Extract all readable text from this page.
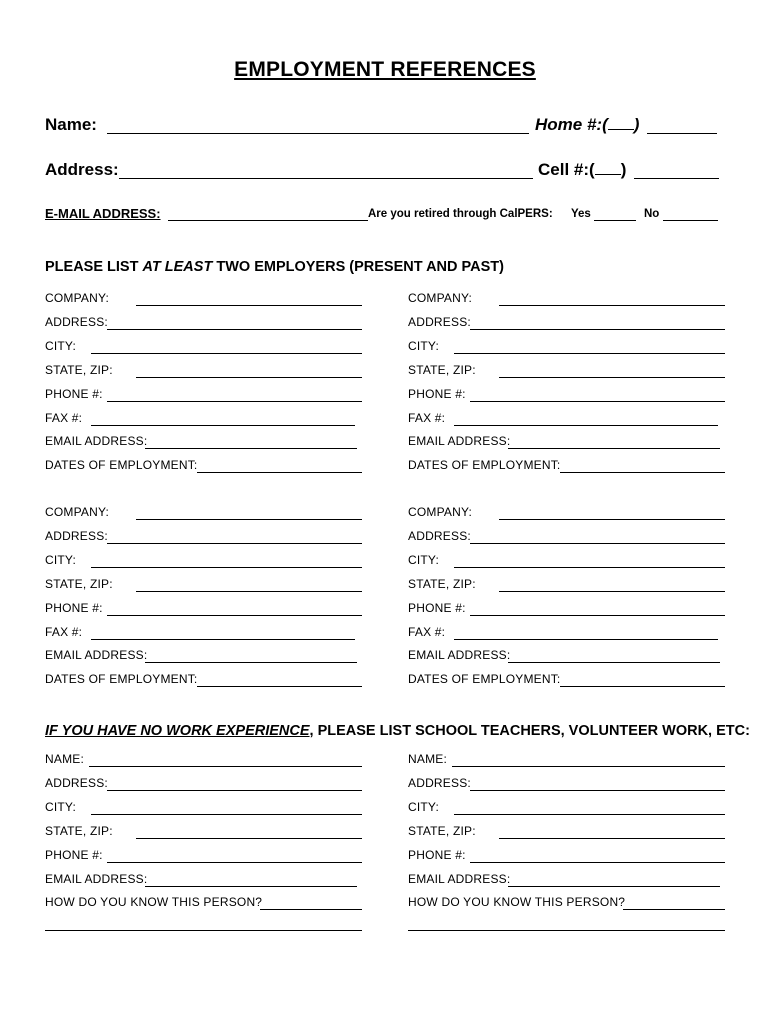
EMPLOYMENT REFERENCES
Name:	Home #:( )
Address:	Cell #:( )
E-MAIL ADDRESS:	Are you retired through CalPERS: Yes	No
PLEASE LIST AT LEAST TWO EMPLOYERS (PRESENT AND PAST)
COMPANY:
ADDRESS:
CITY:
STATE, ZIP:
PHONE #:
FAX #:
EMAIL ADDRESS:
DATES OF EMPLOYMENT:
COMPANY:
ADDRESS:
CITY:
STATE, ZIP:
PHONE #:
FAX #:
EMAIL ADDRESS:
DATES OF EMPLOYMENT:
COMPANY:
ADDRESS:
CITY:
STATE, ZIP:
PHONE #:
FAX #:
EMAIL ADDRESS:
DATES OF EMPLOYMENT:
COMPANY:
ADDRESS:
CITY:
STATE, ZIP:
PHONE #:
FAX #:
EMAIL ADDRESS:
DATES OF EMPLOYMENT:
IF YOU HAVE NO WORK EXPERIENCE, PLEASE LIST SCHOOL TEACHERS, VOLUNTEER WORK, ETC:
NAME:
ADDRESS:
CITY:
STATE, ZIP:
PHONE #:
EMAIL ADDRESS:
HOW DO YOU KNOW THIS PERSON?
NAME:
ADDRESS:
CITY:
STATE, ZIP:
PHONE #:
EMAIL ADDRESS:
HOW DO YOU KNOW THIS PERSON?
